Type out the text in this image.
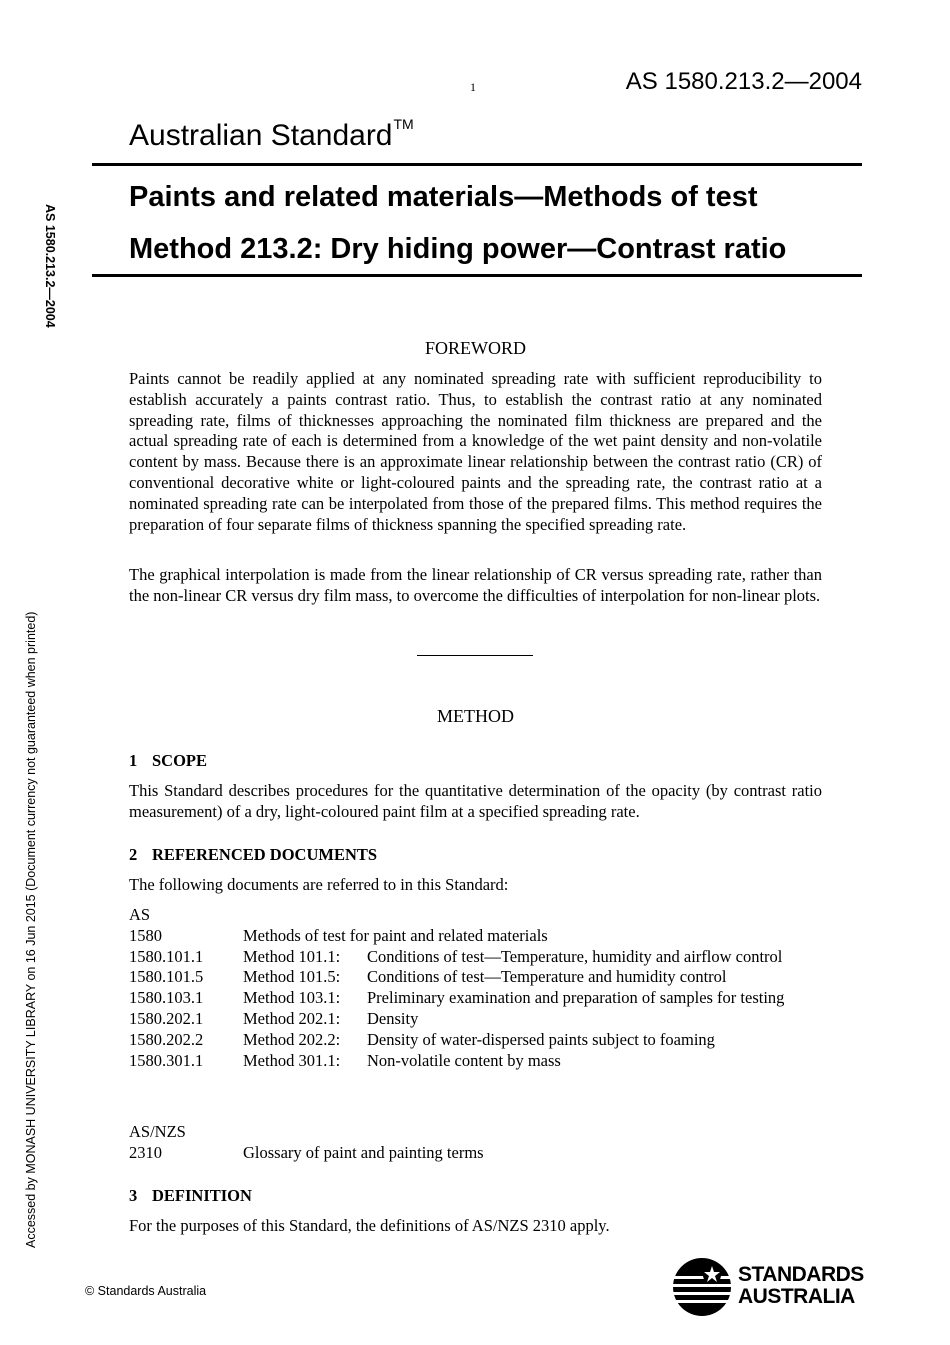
1	AS 1580.213.2—2004
Australian Standard™
Paints and related materials—Methods of test
Method 213.2: Dry hiding power—Contrast ratio
AS 1580.213.2—2004
Accessed by MONASH UNIVERSITY LIBRARY on 16 Jun 2015 (Document currency not guaranteed when printed)
FOREWORD
Paints cannot be readily applied at any nominated spreading rate with sufficient reproducibility to establish accurately a paints contrast ratio. Thus, to establish the contrast ratio at any nominated spreading rate, films of thicknesses approaching the nominated film thickness are prepared and the actual spreading rate of each is determined from a knowledge of the wet paint density and non-volatile content by mass. Because there is an approximate linear relationship between the contrast ratio (CR) of conventional decorative white or light-coloured paints and the spreading rate, the contrast ratio at a nominated spreading rate can be interpolated from those of the prepared films. This method requires the preparation of four separate films of thickness spanning the specified spreading rate.
The graphical interpolation is made from the linear relationship of CR versus spreading rate, rather than the non-linear CR versus dry film mass, to overcome the difficulties of interpolation for non-linear plots.
METHOD
1 SCOPE
This Standard describes procedures for the quantitative determination of the opacity (by contrast ratio measurement) of a dry, light-coloured paint film at a specified spreading rate.
2 REFERENCED DOCUMENTS
The following documents are referred to in this Standard:
AS
1580	Methods of test for paint and related materials
1580.101.1	Method 101.1:	Conditions of test—Temperature, humidity and airflow control
1580.101.5	Method 101.5:	Conditions of test—Temperature and humidity control
1580.103.1	Method 103.1:	Preliminary examination and preparation of samples for testing
1580.202.1	Method 202.1:	Density
1580.202.2	Method 202.2:	Density of water-dispersed paints subject to foaming
1580.301.1	Method 301.1:	Non-volatile content by mass
AS/NZS
2310	Glossary of paint and painting terms
3 DEFINITION
For the purposes of this Standard, the definitions of AS/NZS 2310 apply.
© Standards Australia
STANDARDS
AUSTRALIA
